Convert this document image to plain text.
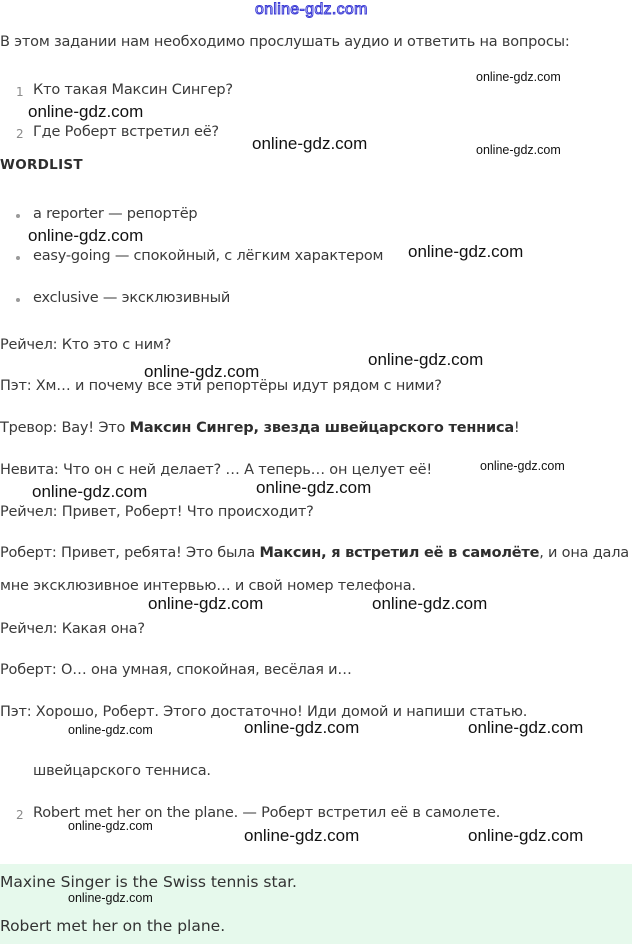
online-gdz.com
В этом задании нам необходимо прослушать аудио и ответить на вопросы:
1 Кто такая Максин Сингер?
2 Где Роберт встретил её?
WORDLIST
a reporter — репортёр
easy-going — спокойный, с лёгким характером
exclusive — эксклюзивный
Рейчел: Кто это с ним?
Пэт: Хм… и почему все эти репортёры идут рядом с ними?
Тревор: Вау! Это Максин Сингер, звезда швейцарского тенниса!
Невита: Что он с ней делает? … А теперь… он целует её!
Рейчел: Привет, Роберт! Что происходит?
Роберт: Привет, ребята! Это была Максин, я встретил её в самолёте, и она дала
мне эксклюзивное интервью… и свой номер телефона.
Рейчел: Какая она?
Роберт: О… она умная, спокойная, весёлая и…
Пэт: Хорошо, Роберт. Этого достаточно! Иди домой и напиши статью.
швейцарского тенниса.
2 Robert met her on the plane. — Роберт встретил её в самолете.
Maxine Singer is the Swiss tennis star.
Robert met her on the plane.
online-gdz.com
online-gdz.com
online-gdz.com	online-gdz.com
online-gdz.com
online-gdz.com
online-gdz.com
online-gdz.com
online-gdz.com
online-gdz.com
online-gdz.com
online-gdz.com	online-gdz.com
online-gdz.com	online-gdz.com	online-gdz.com
online-gdz.com	online-gdz.com	online-gdz.com
online-gdz.com
